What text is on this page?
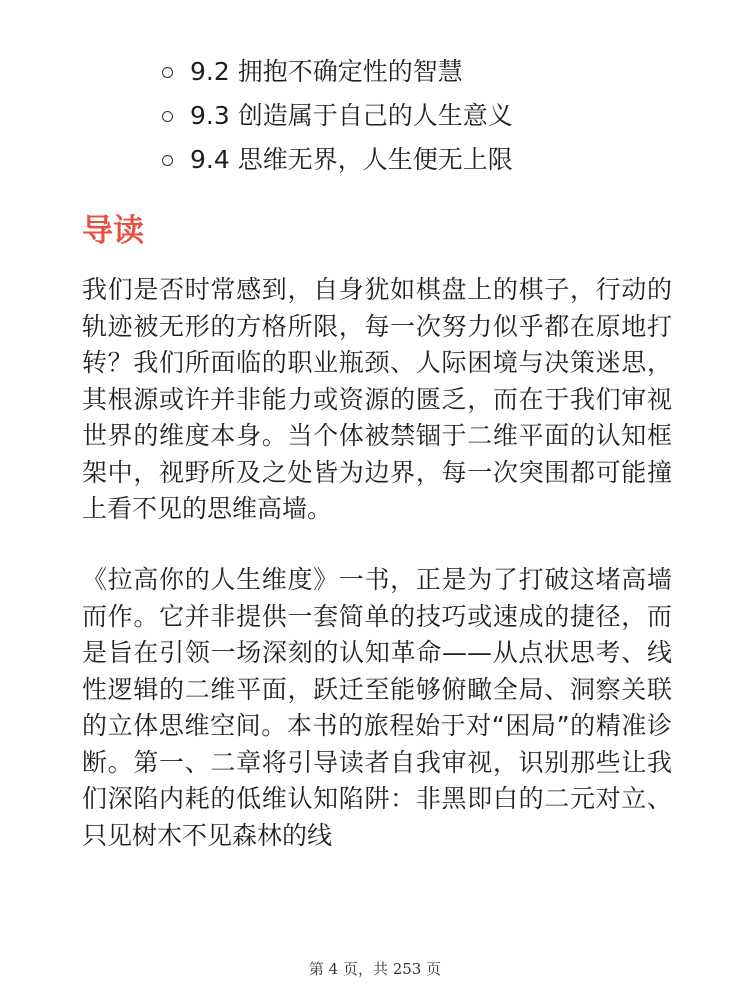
9.2 拥抱不确定性的智慧
9.3 创造属于自己的人生意义
9.4 思维无界，人生便无上限
导读

我们是否时常感到，自身犹如棋盘上的棋子，行动的轨迹被无形的方格所限，每一次努力似乎都在原地打转？我们所面临的职业瓶颈、人际困境与决策迷思，其根源或许并非能力或资源的匮乏，而在于我们审视世界的维度本身。当个体被禁锢于二维平面的认知框架中，视野所及之处皆为边界，每一次突围都可能撞上看不见的思维高墙。

《拉高你的人生维度》一书，正是为了打破这堵高墙而作。它并非提供一套简单的技巧或速成的捷径，而是旨在引领一场深刻的认知革命——从点状思考、线性逻辑的二维平面，跃迁至能够俯瞰全局、洞察关联的立体思维空间。本书的旅程始于对“困局”的精准诊断。第一、二章将引导读者自我审视，识别那些让我们深陷内耗的低维认知陷阱：非黑即白的二元对立、只见树木不见森林的线

第 4 页，共 253 页
